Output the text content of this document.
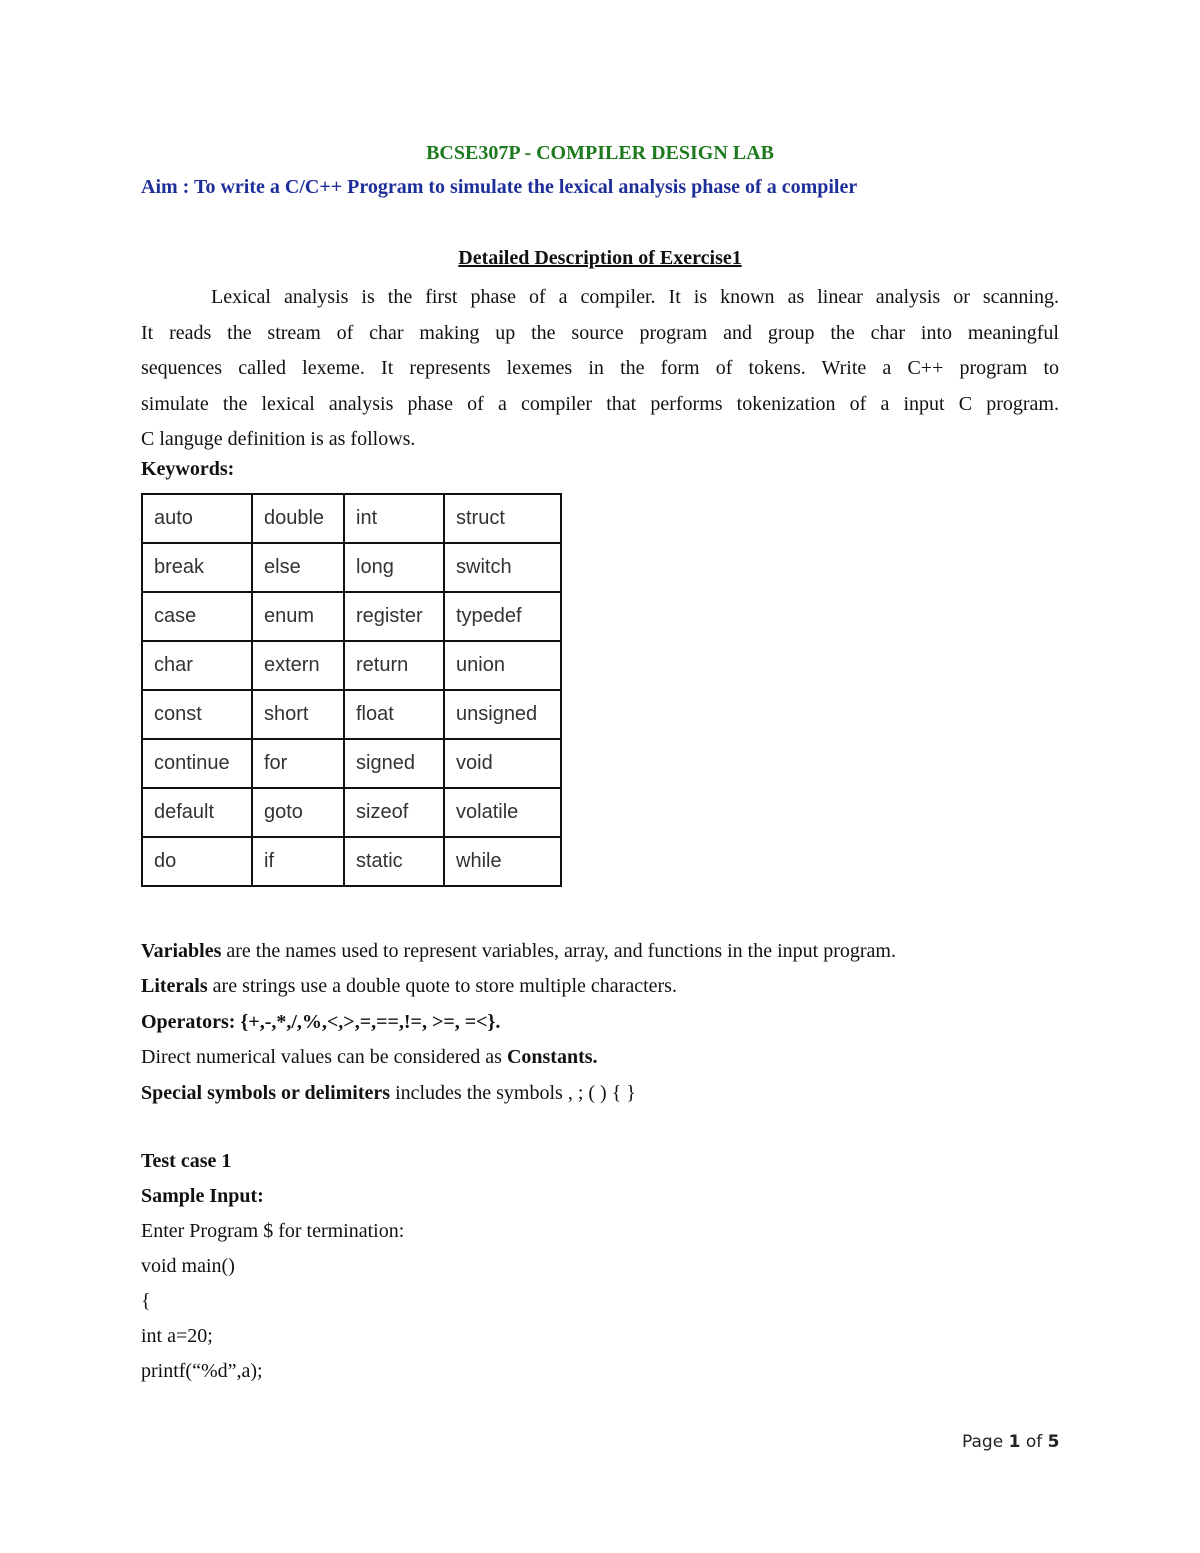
BCSE307P - COMPILER DESIGN LAB
Aim : To write a C/C++ Program to simulate the lexical analysis phase of a compiler
Detailed Description of Exercise1
Lexical analysis is the first phase of a compiler. It is known as linear analysis or scanning.
It reads the stream of char making up the source program and group the char into meaningful
sequences called lexeme. It represents lexemes in the form of tokens. Write a C++ program to
simulate the lexical analysis phase of a compiler that performs tokenization of a input C program.
C languge definition is as follows.
Keywords:
auto	double	int	struct
break	else	long	switch
case	enum	register	typedef
char	extern	return	union
const	short	float	unsigned
continue	for	signed	void
default	goto	sizeof	volatile
do	if	static	while
Variables are the names used to represent variables, array, and functions in the input program.
Literals are strings use a double quote to store multiple characters.
Operators: {+,-,*,/,%,<,>,=,==,!=, >=, =<}.
Direct numerical values can be considered as Constants.
Special symbols or delimiters includes the symbols , ; ( ) { }
Test case 1
Sample Input:
Enter Program $ for termination:
void main()
{
int a=20;
printf(“%d”,a);
Page 1 of 5
